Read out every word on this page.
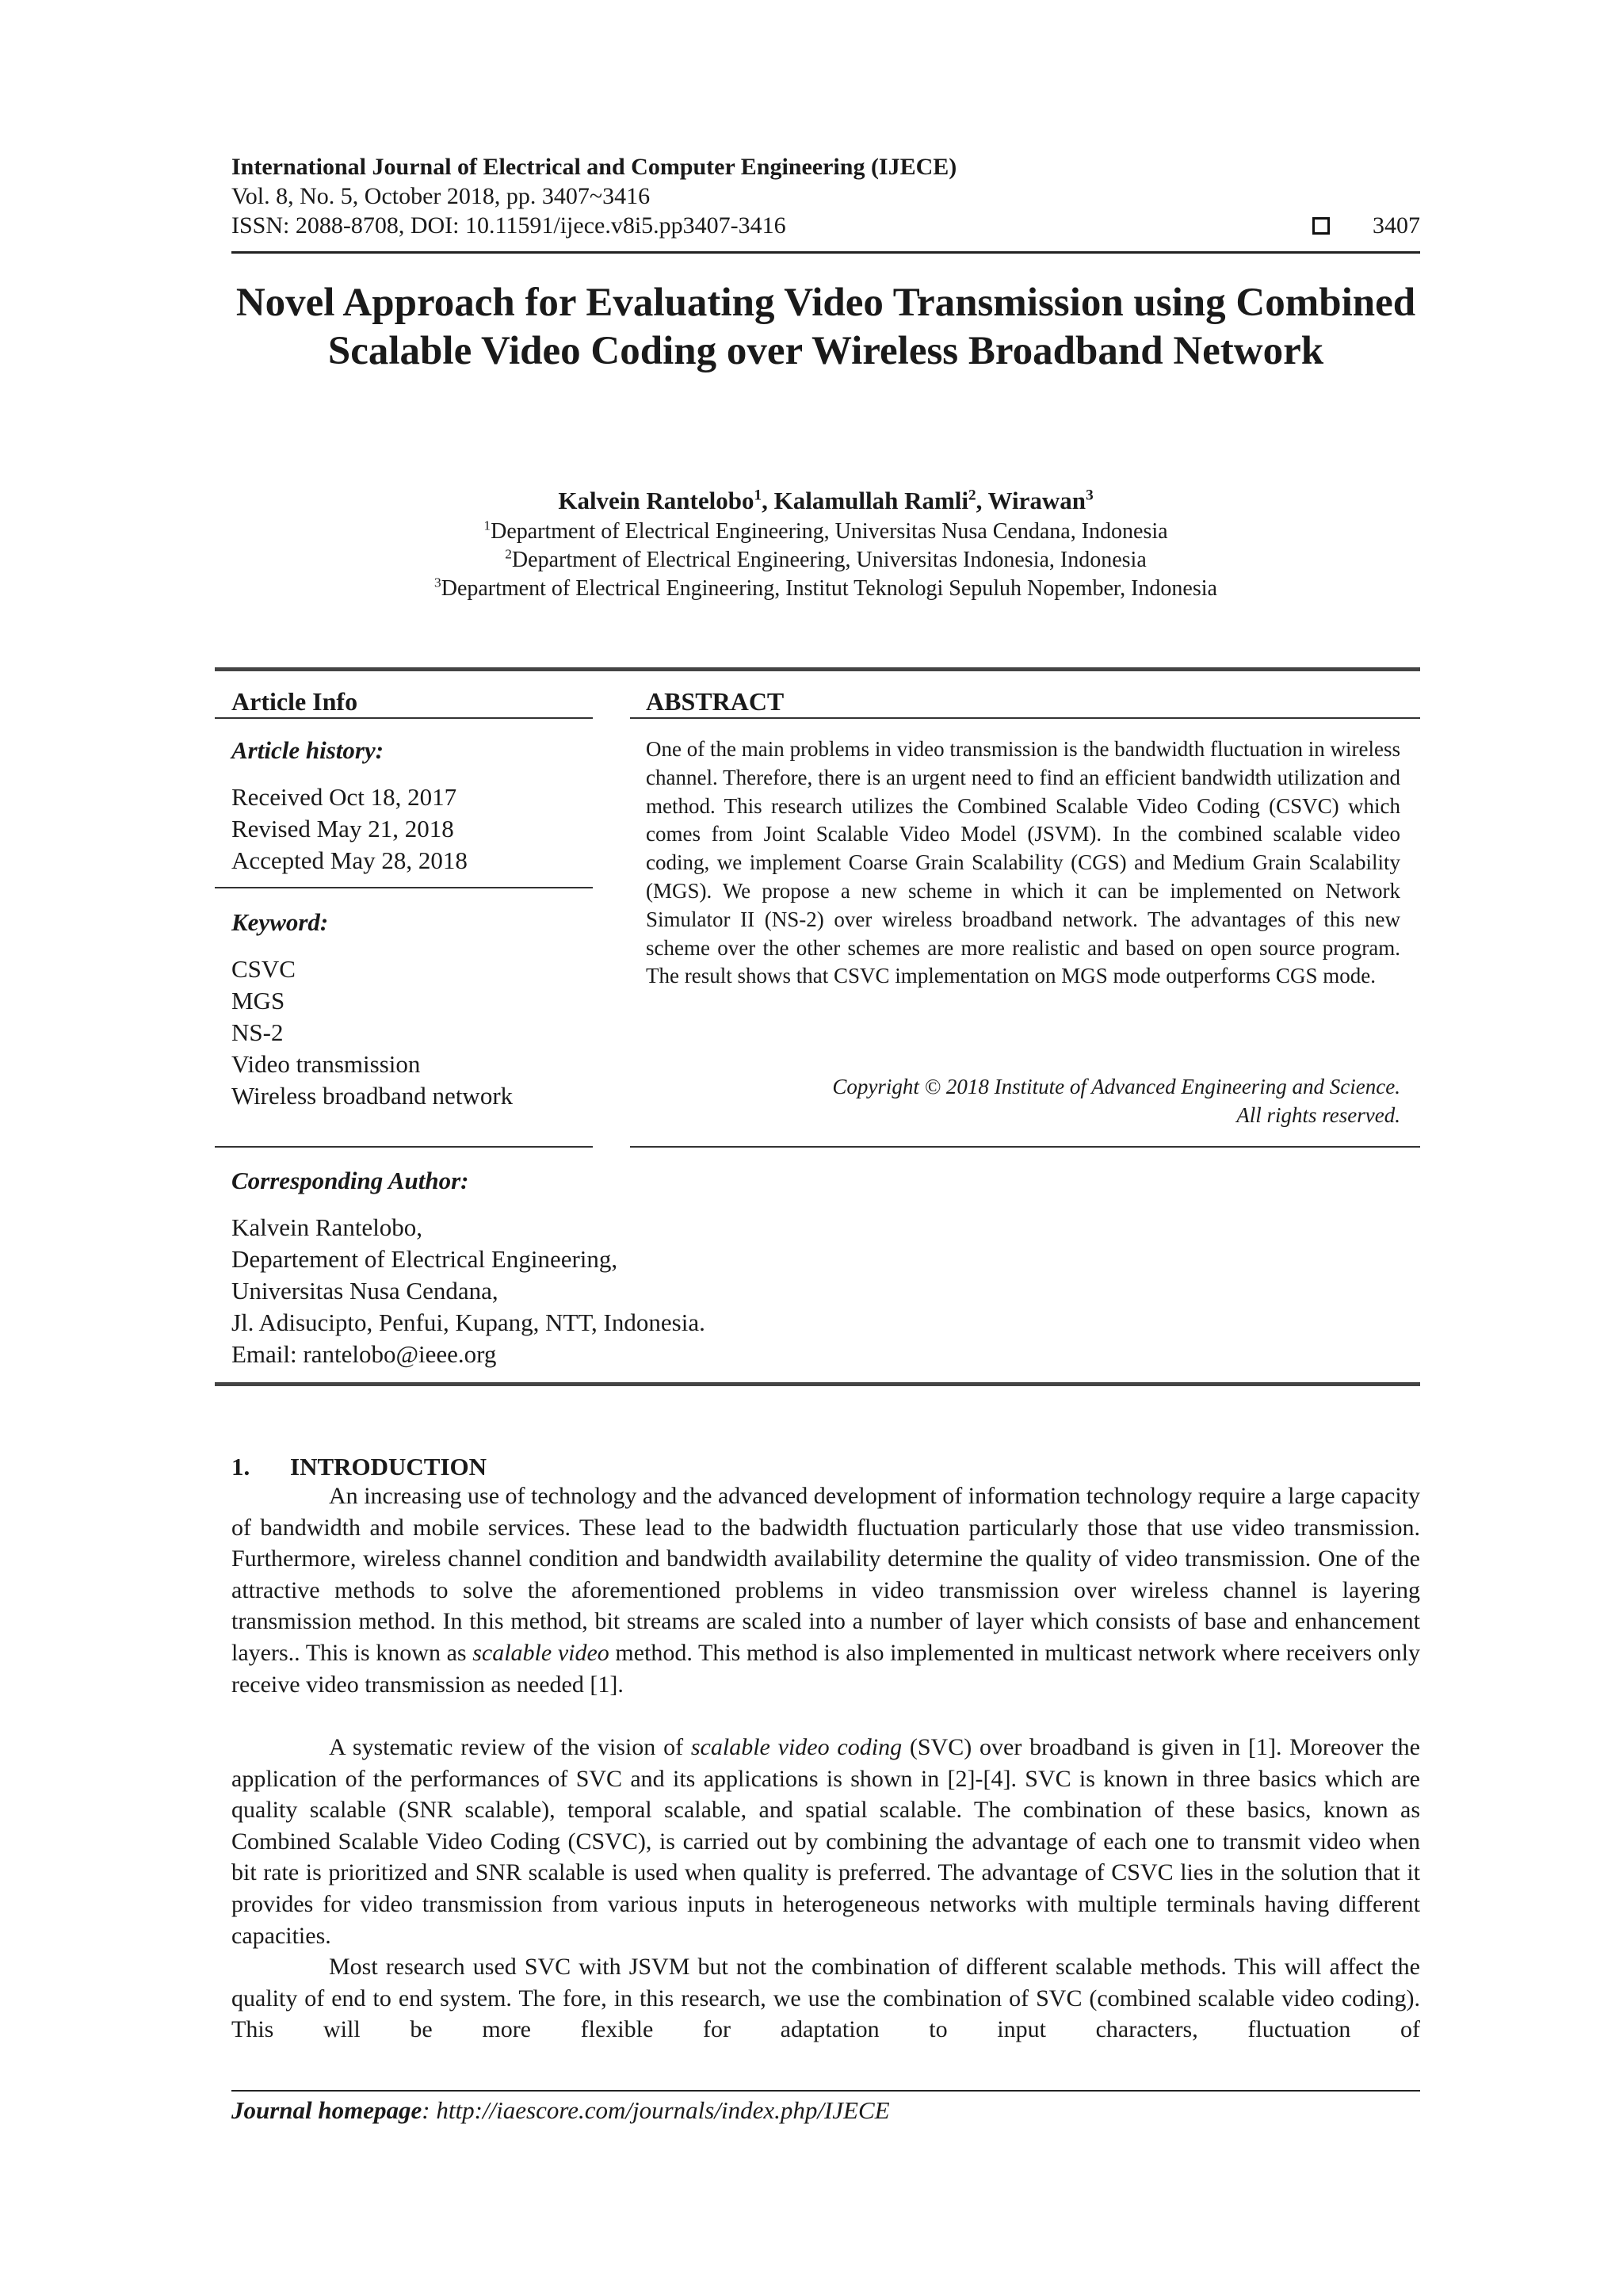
International Journal of Electrical and Computer Engineering (IJECE)
Vol. 8, No. 5, October 2018, pp. 3407~3416
ISSN: 2088-8708, DOI: 10.11591/ijece.v8i5.pp3407-3416	3407
Novel Approach for Evaluating Video Transmission using Combined Scalable Video Coding over Wireless Broadband Network
Kalvein Rantelobo$^1$, Kalamullah Ramli$^2$, Wirawan$^3$
$^1$Department of Electrical Engineering, Universitas Nusa Cendana, Indonesia
$^2$Department of Electrical Engineering, Universitas Indonesia, Indonesia
$^3$Department of Electrical Engineering, Institut Teknologi Sepuluh Nopember, Indonesia
Article Info
Article history:
Received Oct 18, 2017
Revised May 21, 2018
Accepted May 28, 2018
Keyword:
CSVC
MGS
NS-2
Video transmission
Wireless broadband network
ABSTRACT
One of the main problems in video transmission is the bandwidth fluctuation in wireless channel. Therefore, there is an urgent need to find an efficient bandwidth utilization and method. This research utilizes the Combined Scalable Video Coding (CSVC) which comes from Joint Scalable Video Model (JSVM). In the combined scalable video coding, we implement Coarse Grain Scalability (CGS) and Medium Grain Scalability (MGS). We propose a new scheme in which it can be implemented on Network Simulator II (NS-2) over wireless broadband network. The advantages of this new scheme over the other schemes are more realistic and based on open source program. The result shows that CSVC implementation on MGS mode outperforms CGS mode.
Copyright © 2018 Institute of Advanced Engineering and Science.
All rights reserved.
Corresponding Author:
Kalvein Rantelobo,
Departement of Electrical Engineering,
Universitas Nusa Cendana,
Jl. Adisucipto, Penfui, Kupang, NTT, Indonesia.
Email: rantelobo@ieee.org
1. INTRODUCTION

An increasing use of technology and the advanced development of information technology require a large capacity of bandwidth and mobile services. These lead to the badwidth fluctuation particularly those that use video transmission. Furthermore, wireless channel condition and bandwidth availability determine the quality of video transmission. One of the attractive methods to solve the aforementioned problems in video transmission over wireless channel is layering transmission method. In this method, bit streams are scaled into a number of layer which consists of base and enhancement layers.. This is known as scalable video method. This method is also implemented in multicast network where receivers only receive video transmission as needed [1].

A systematic review of the vision of scalable video coding (SVC) over broadband is given in [1]. Moreover the application of the performances of SVC and its applications is shown in [2]-[4]. SVC is known in three basics which are quality scalable (SNR scalable), temporal scalable, and spatial scalable. The combination of these basics, known as Combined Scalable Video Coding (CSVC), is carried out by combining the advantage of each one to transmit video when bit rate is prioritized and SNR scalable is used when quality is preferred. The advantage of CSVC lies in the solution that it provides for video transmission from various inputs in heterogeneous networks with multiple terminals having different capacities.

Most research used SVC with JSVM but not the combination of different scalable methods. This will affect the quality of end to end system. The fore, in this research, we use the combination of SVC (combined scalable video coding). This will be more flexible for adaptation to input characters, fluctuation of

Journal homepage: http://iaescore.com/journals/index.php/IJECE
